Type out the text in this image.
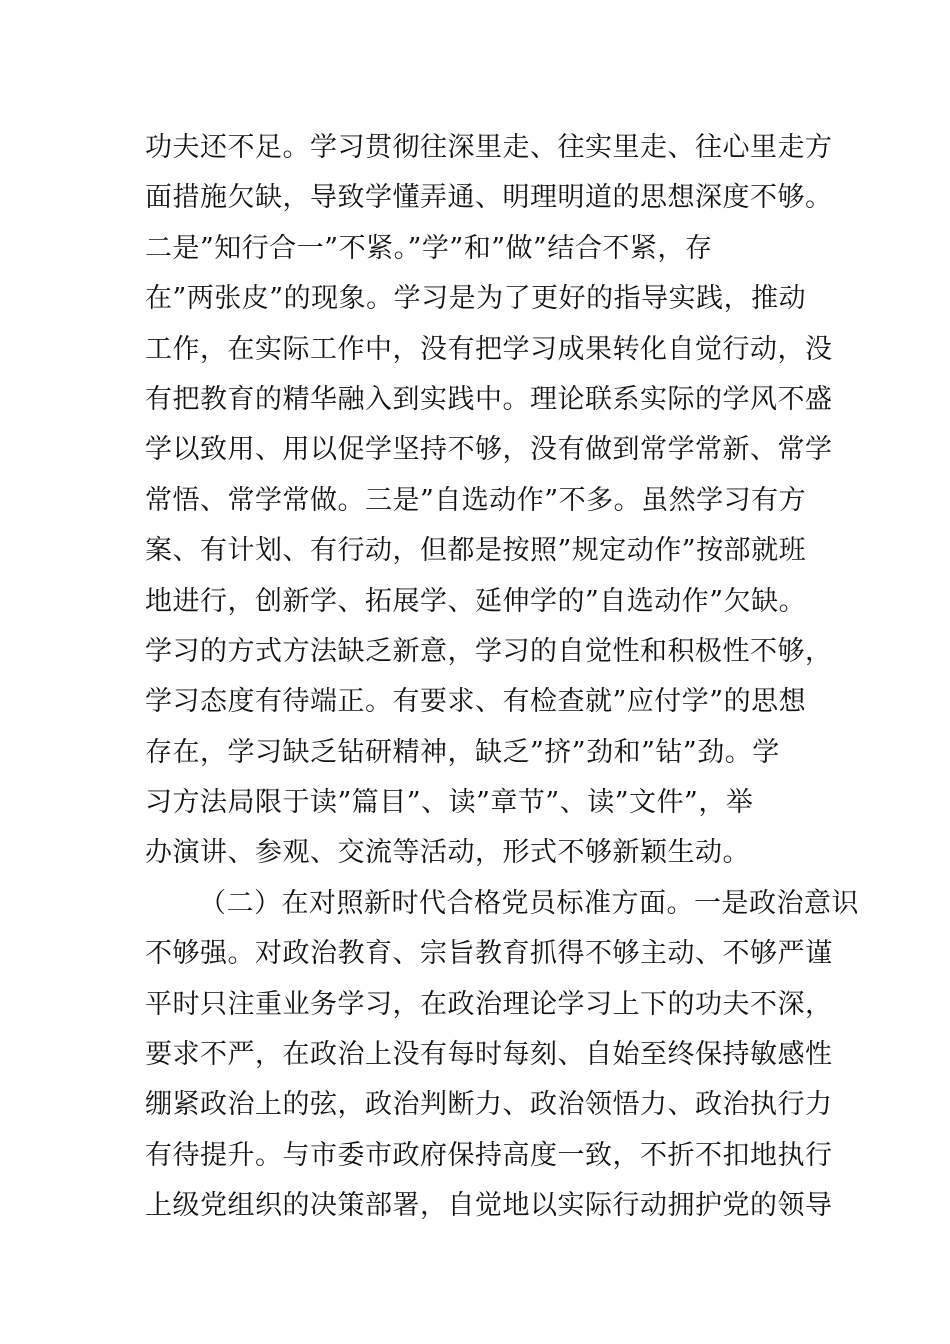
功夫还不足。学习贯彻往深里走、往实里走、往心里走方
面措施欠缺，导致学懂弄通、明理明道的思想深度不够。
二是”知行合一”不紧。”学”和”做”结合不紧，存
在”两张皮”的现象。学习是为了更好的指导实践，推动
工作，在实际工作中，没有把学习成果转化自觉行动，没
有把教育的精华融入到实践中。理论联系实际的学风不盛
学以致用、用以促学坚持不够，没有做到常学常新、常学
常悟、常学常做。三是”自选动作”不多。虽然学习有方
案、有计划、有行动，但都是按照”规定动作”按部就班
地进行，创新学、拓展学、延伸学的”自选动作”欠缺。
学习的方式方法缺乏新意，学习的自觉性和积极性不够，
学习态度有待端正。有要求、有检查就”应付学”的思想
存在，学习缺乏钻研精神，缺乏”挤”劲和”钻”劲。学
习方法局限于读”篇目”、读”章节”、读”文件”，举
办演讲、参观、交流等活动，形式不够新颖生动。
（二）在对照新时代合格党员标准方面。一是政治意识
不够强。对政治教育、宗旨教育抓得不够主动、不够严谨
平时只注重业务学习，在政治理论学习上下的功夫不深，
要求不严，在政治上没有每时每刻、自始至终保持敏感性
绷紧政治上的弦，政治判断力、政治领悟力、政治执行力
有待提升。与市委市政府保持高度一致，不折不扣地执行
上级党组织的决策部署，自觉地以实际行动拥护党的领导
